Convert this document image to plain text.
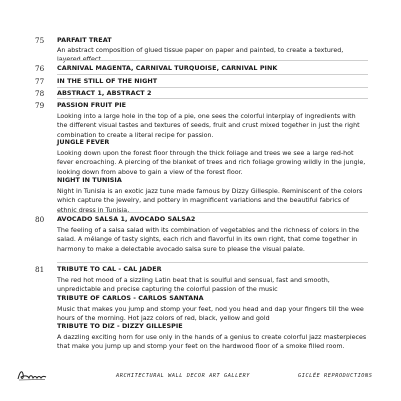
75 PARFAIT TREAT
An abstract composition of glued tissue paper on paper and painted, to create a textured, layered effect.
76 CARNIVAL MAGENTA, CARNIVAL TURQUOISE, CARNIVAL PINK
77 IN THE STILL OF THE NIGHT
78 ABSTRACT 1, ABSTRACT 2
79 PASSION FRUIT PIE
Looking into a large hole in the top of a pie, one sees the colorful interplay of ingredients with the different visual tastes and textures of seeds, fruit and crust mixed together in just the right combination to create a literal recipe for passion.
JUNGLE FEVER
Looking down upon the forest floor through the thick foliage and trees we see a large red-hot fever encroaching. A piercing of the blanket of trees and rich foliage growing wildly in the jungle, looking down from above to gain a view of the forest floor.
NIGHT IN TUNISIA
Night in Tunisia is an exotic jazz tune made famous by Dizzy Gillespie. Reminiscent of the colors which capture the jewelry, and pottery in magnificent variations and the beautiful fabrics of ethnic dress in Tunisia.
80 AVOCADO SALSA 1, AVOCADO SALSA2
The feeling of a salsa salad with its combination of vegetables and the richness of colors in the salad. A mélange of tasty sights, each rich and flavorful in its own right, that come together in harmony to make a delectable avocado salsa sure to please the visual palate.
81 TRIBUTE TO CAL - CAL JADER
The red hot mood of a sizzling Latin beat that is soulful and sensual, fast and smooth, unpredictable and precise capturing the colorful passion of the music
TRIBUTE OF CARLOS - CARLOS SANTANA
Music that makes you jump and stomp your feet, nod you head and dap your fingers till the wee hours of the morning. Hot jazz colors of red, black, yellow and gold
TRIBUTE TO DIZ - DIZZY GILLESPIE
A dazzling exciting horn for use only in the hands of a genius to create colorful jazz masterpieces that make you jump up and stomp your feet on the hardwood floor of a smoke filled room.
ARCHITECTURAL WALL DECOR ART GALLERY	GICLÉE REPRODUCTIONS
